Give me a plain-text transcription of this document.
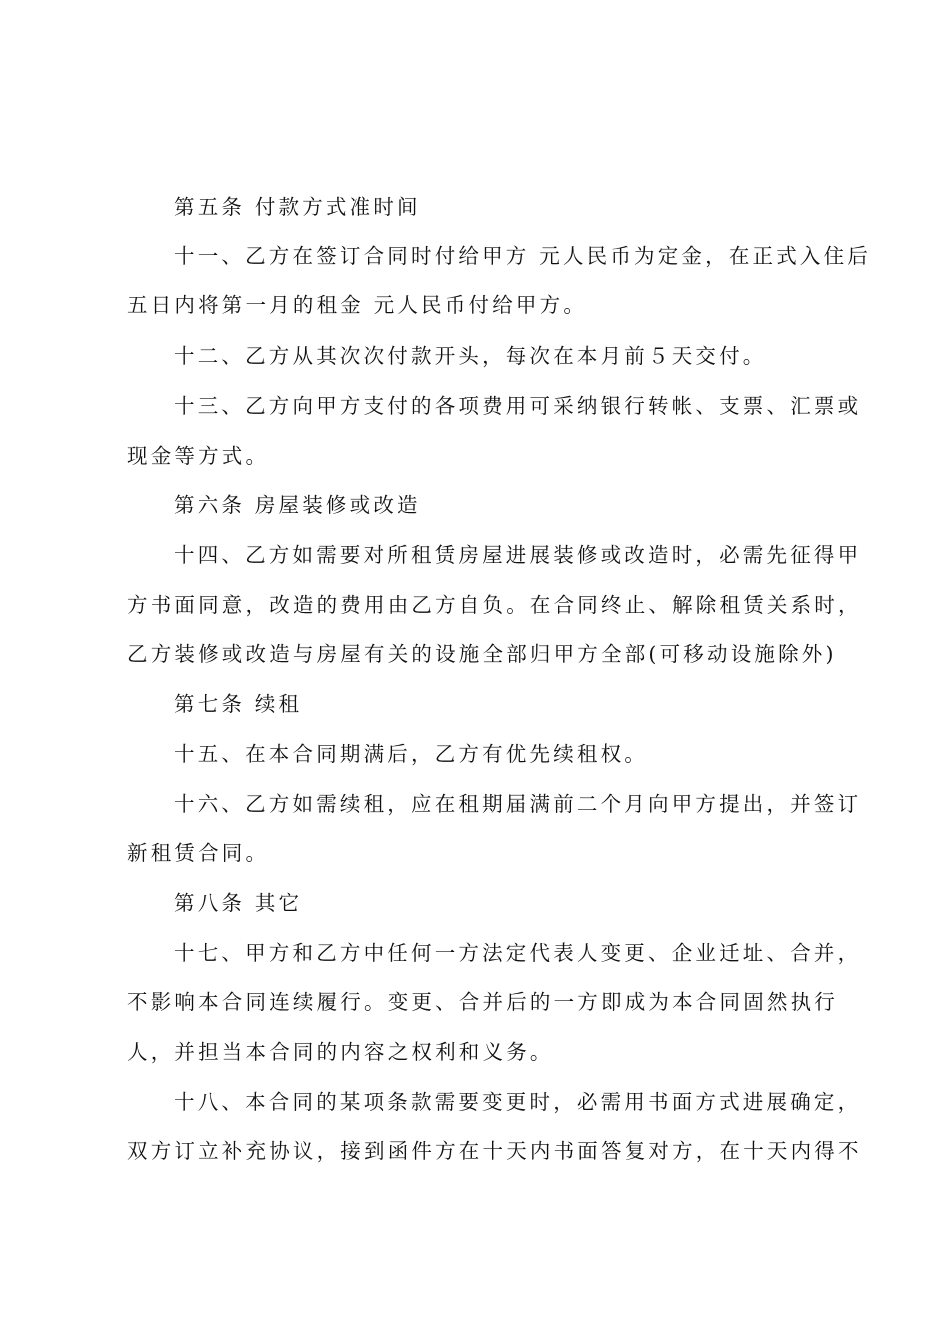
第五条 付款方式准时间
十一、乙方在签订合同时付给甲方 元人民币为定金，在正式入住后
五日内将第一月的租金 元人民币付给甲方。
十二、乙方从其次次付款开头，每次在本月前５天交付。
十三、乙方向甲方支付的各项费用可采纳银行转帐、支票、汇票或
现金等方式。
第六条 房屋装修或改造
十四、乙方如需要对所租赁房屋进展装修或改造时，必需先征得甲
方书面同意，改造的费用由乙方自负。在合同终止、解除租赁关系时，
乙方装修或改造与房屋有关的设施全部归甲方全部(可移动设施除外)
第七条 续租
十五、在本合同期满后，乙方有优先续租权。
十六、乙方如需续租，应在租期届满前二个月向甲方提出，并签订
新租赁合同。
第八条 其它
十七、甲方和乙方中任何一方法定代表人变更、企业迁址、合并，
不影响本合同连续履行。变更、合并后的一方即成为本合同固然执行
人，并担当本合同的内容之权利和义务。
十八、本合同的某项条款需要变更时，必需用书面方式进展确定，
双方订立补充协议，接到函件方在十天内书面答复对方，在十天内得不
